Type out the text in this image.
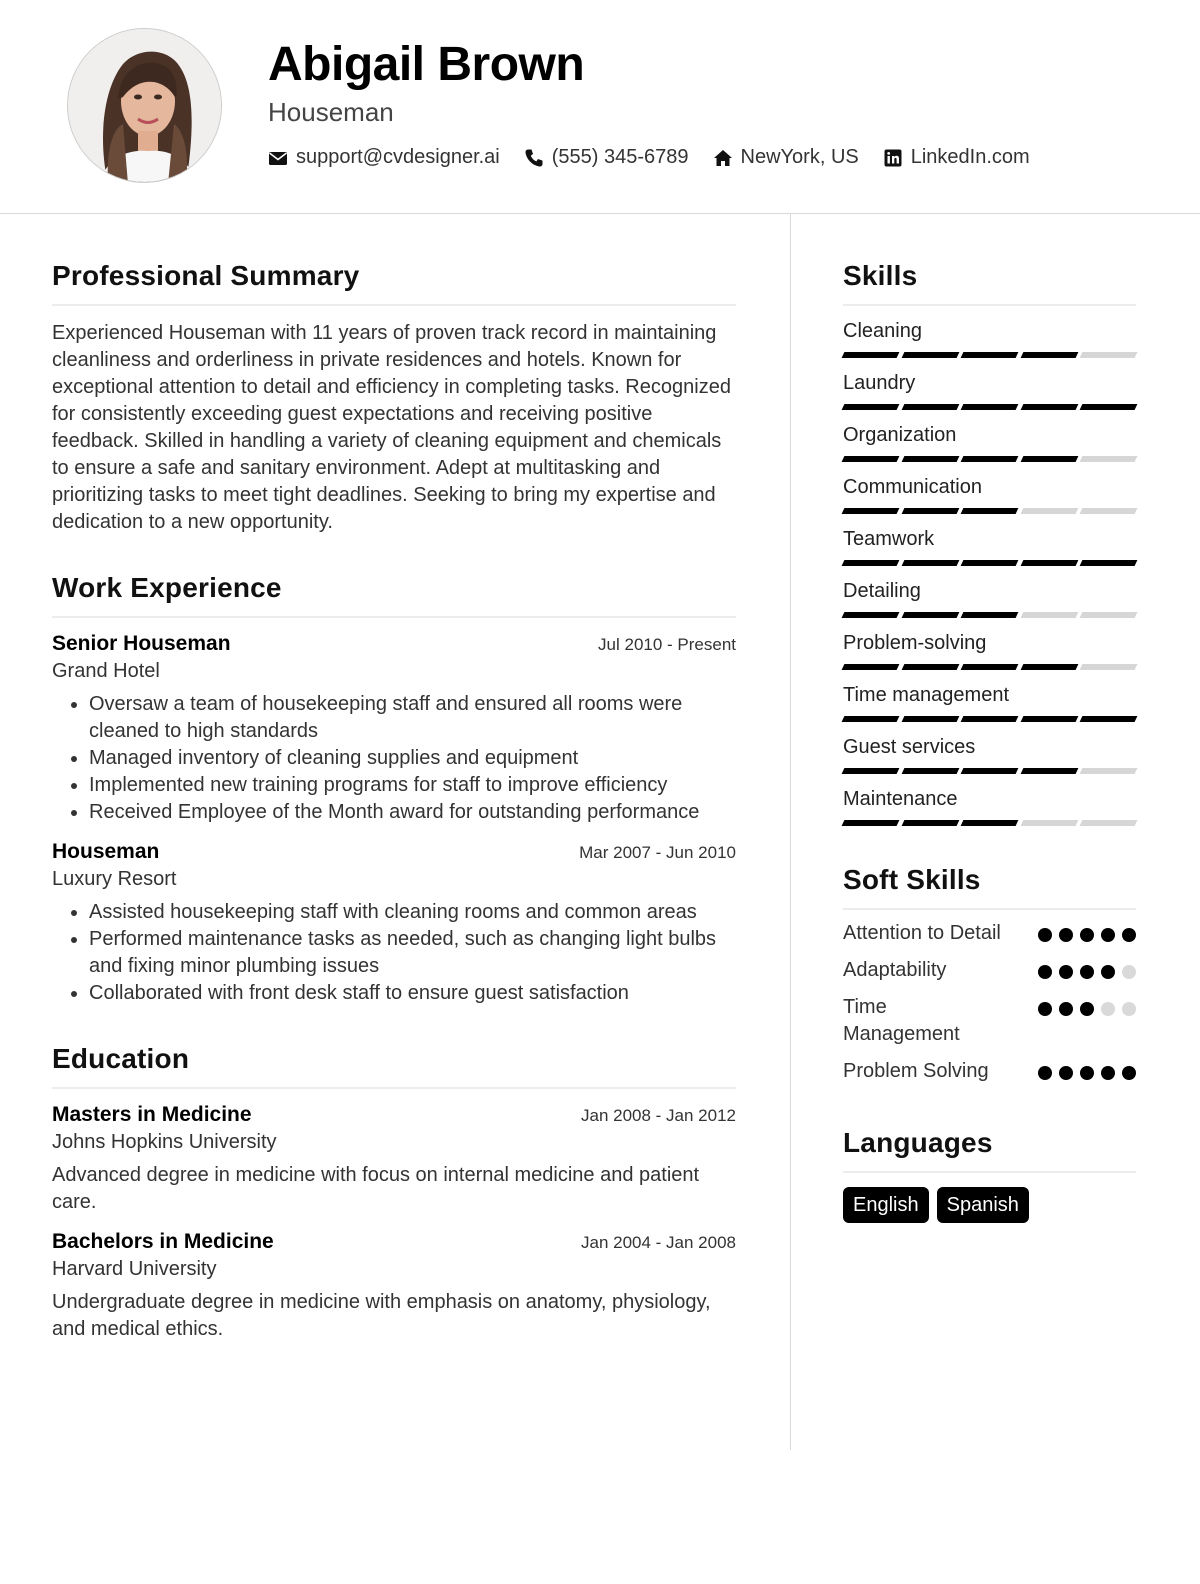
Abigail Brown
Houseman
support@cvdesigner.ai	(555) 345-6789	NewYork, US	LinkedIn.com
Professional Summary

Experienced Houseman with 11 years of proven track record in maintaining cleanliness and orderliness in private residences and hotels. Known for exceptional attention to detail and efficiency in completing tasks. Recognized for consistently exceeding guest expectations and receiving positive feedback. Skilled in handling a variety of cleaning equipment and chemicals to ensure a safe and sanitary environment. Adept at multitasking and prioritizing tasks to meet tight deadlines. Seeking to bring my expertise and dedication to a new opportunity.

Work Experience
Senior Houseman	Jul 2010 - Present
Grand Hotel
• Oversaw a team of housekeeping staff and ensured all rooms were cleaned to high standards
• Managed inventory of cleaning supplies and equipment
• Implemented new training programs for staff to improve efficiency
• Received Employee of the Month award for outstanding performance
Houseman	Mar 2007 - Jun 2010
Luxury Resort
• Assisted housekeeping staff with cleaning rooms and common areas
• Performed maintenance tasks as needed, such as changing light bulbs and fixing minor plumbing issues
• Collaborated with front desk staff to ensure guest satisfaction
Education
Masters in Medicine	Jan 2008 - Jan 2012
Johns Hopkins University

Advanced degree in medicine with focus on internal medicine and patient care.

Bachelors in Medicine	Jan 2004 - Jan 2008
Harvard University

Undergraduate degree in medicine with emphasis on anatomy, physiology, and medical ethics.

Skills
Cleaning
Laundry
Organization
Communication
Teamwork
Detailing
Problem-solving
Time management
Guest services
Maintenance
Soft Skills
Attention to Detail
Adaptability
Time Management
Problem Solving
Languages
English	Spanish
